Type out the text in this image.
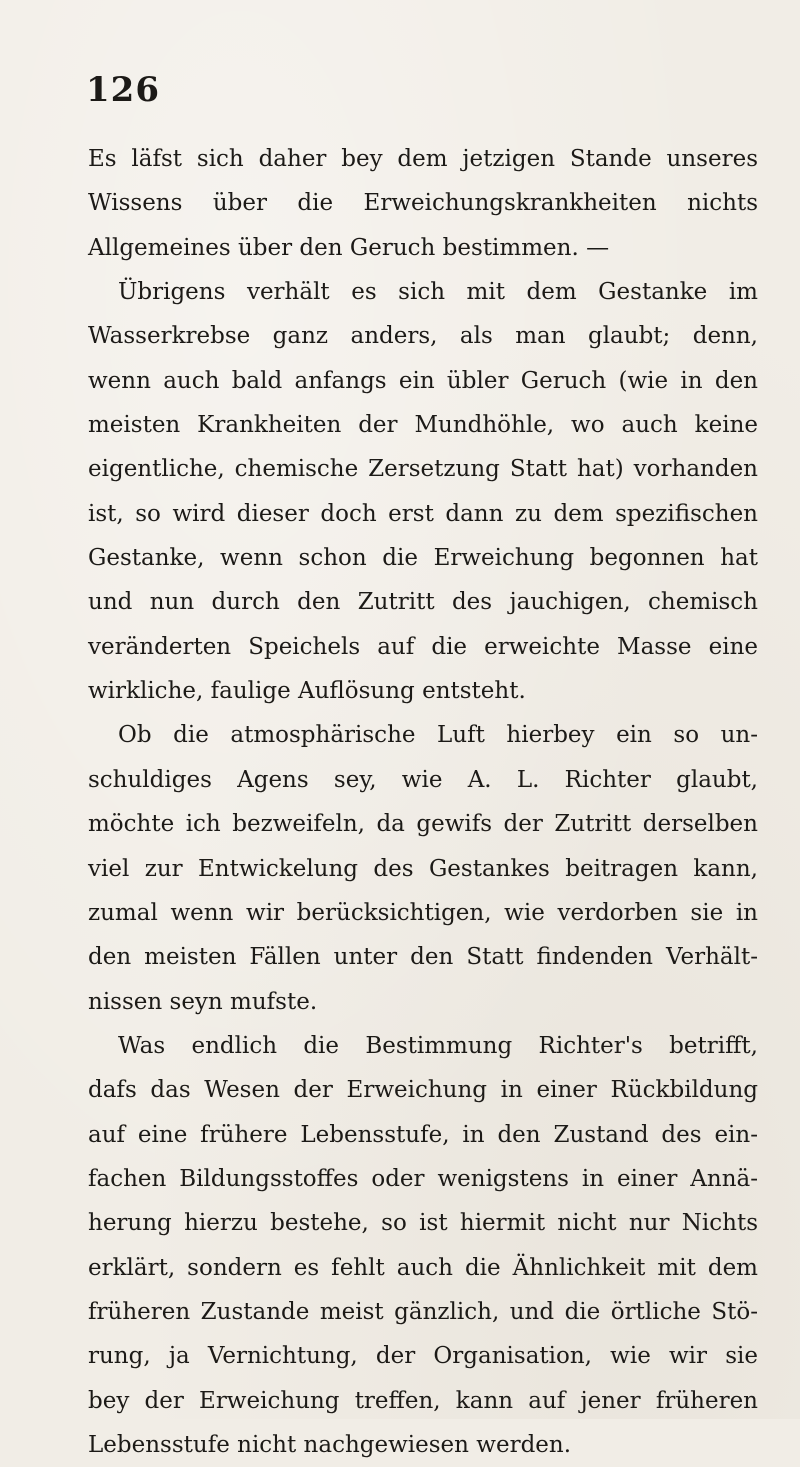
126
Es läfst sich daher bey dem jetzigen Stande unseres
Wissens über die Erweichungskrankheiten nichts
Allgemeines über den Geruch bestimmen. —
Übrigens verhält es sich mit dem Gestanke im
Wasserkrebse ganz anders, als man glaubt; denn,
wenn auch bald anfangs ein übler Geruch (wie in den
meisten Krankheiten der Mundhöhle, wo auch keine
eigentliche, chemische Zersetzung Statt hat) vorhanden
ist, so wird dieser doch erst dann zu dem spezifischen
Gestanke, wenn schon die Erweichung begonnen hat
und nun durch den Zutritt des jauchigen, chemisch
veränderten Speichels auf die erweichte Masse eine
wirkliche, faulige Auflösung entsteht.
Ob die atmosphärische Luft hierbey ein so un-
schuldiges Agens sey, wie A. L. Richter glaubt,
möchte ich bezweifeln, da gewifs der Zutritt derselben
viel zur Entwickelung des Gestankes beitragen kann,
zumal wenn wir berücksichtigen, wie verdorben sie in
den meisten Fällen unter den Statt findenden Verhält-
nissen seyn mufste.
Was endlich die Bestimmung Richter's betrifft,
dafs das Wesen der Erweichung in einer Rückbildung
auf eine frühere Lebensstufe, in den Zustand des ein-
fachen Bildungsstoffes oder wenigstens in einer Annä-
herung hierzu bestehe, so ist hiermit nicht nur Nichts
erklärt, sondern es fehlt auch die Ähnlichkeit mit dem
früheren Zustande meist gänzlich, und die örtliche Stö-
rung, ja Vernichtung, der Organisation, wie wir sie
bey der Erweichung treffen, kann auf jener früheren
Lebensstufe nicht nachgewiesen werden.
